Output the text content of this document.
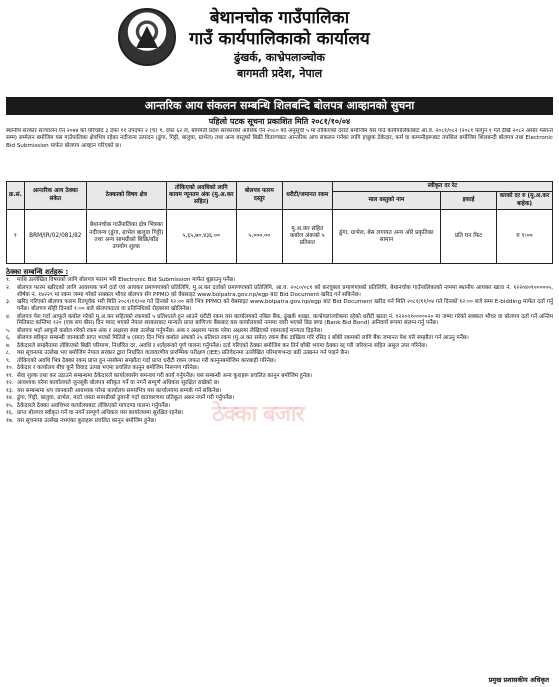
बेथानचोक गाउँपालिका
गाउँ कार्यपालिकाको कार्यालय
ढुंखर्क, काभ्रेपलाञ्चोक
बागमती प्रदेश, नेपाल
आन्तरिक आय संकलन सम्बन्धि शिलबन्दि बोलपत्र आव्हानको सुचना
पहिलो पटक सूचना प्रकाशित मिति २०८१/१०/०४
स्थानीय सरकार सञ्चालन ऐन २०७४ को परिच्छेद ३ दफा ११ उपदफा २ (च) १, दफा ६२ ल, बागमती प्रदेश सरकारको आर्थिक ऐन २०८० को अनुसूची ५ मा तोकिएको दररेट बमोजिम यस गाउँ कार्यपालिकाबाट आ.व. २०८१/०८२ (२०८१ फागुन १ गते देखि २०८२ असार मसान्त सम्म) सम्मेलन बमोजिम यस गाउँपालिका क्षेत्रभित्र रहेका नदीजन्य उत्पादन (ढुंगा, गिट्टी, बालुवा, ग्राभेल) तथा अन्य वस्तुको बिक्री वितरणबाट आन्तरिक आय संकलन गर्नका लागि इच्छुक ठेकेदार, फर्म वा कम्पनीहरूबाट तपसिल बमोजिम शिलबन्दी बोलपत्र तथा Electronic Bid Submission मार्फत बोलपत्र आव्हान गरिएको छ।
क्र.सं.	आन्तरिक आय ठेक्का संकेत	ठेक्काको विषय क्षेत्र	तोकिएको अवधिको लागि कायम न्यूनतम अंक (मु.अ.कर सहित)	बोलपत्र फारम दस्तुर	धरौटी/जमानत रकम	स्वीकृत दर रेट		
						माल वस्तुको नाम	इकाई	करको दर रु (मु.अ.कर बाहेक)
१	BRM/IR/02/081/82	बेथानचोक गाउँपालिका क्षेत्र भित्रका नदीजन्य (ढुंगा, ग्राभेल बालुवा गिट्टी) तथा अन्य सामग्रीको बिक्रि/बाँड उपयोग शुल्क	५,६५,७०,४३६.००	५,०००.००	मु.अ.कर सहित कबोल अंकको ५ प्रतिशत	ढुंगा, ग्राभेल, बेस लगायत अन्य ओरे प्रकृतिका सामान	प्रति घन फिट	रु ९।००
ठेक्का सम्बन्धि शर्तहरू :
१.	माथि उल्लेखित विषयको लागि बोलपत्र फारम भरि Electronic Bid Submission मार्फत बुझाउनु पर्नेछ।
२.	बोलपत्र फारम खरिदको लागि आवश्यक फर्म दर्ता एवं आयकर प्रमाणपत्रको प्रतिलिपि, मु.अ.कर दर्ताको प्रमाणपत्रको प्रतिलिपि, आ.व. २०८०/०८१ को करचुक्ता प्रमाणपत्रको प्रतिलिपि, बेथानचोक गाउँपालिकाको नाममा स्थानीय आयकर खाता नं. १२२०४०१०००००५, शीर्षक नं. १४२२९ मा रकम जम्मा गरेको सक्कल भौचर बोलपत्र सँग PPMO को वेबसाइट www.bolpatra.gov.np/egp बाट Bid Document खरिद गर्न सकिनेछ।
३.	खरिद गरिएको बोलपत्र फारम रितपूर्वक भरी मिति २०८१/११/०४ गते दिनको १२:०० बजे भित्र PPMO को वेबसाइट www.bolpatra.gov.np/egp बाट Bid Document खरिद गर्न मिति २०८१/११/०४ गते दिनको १२:०० बजे सम्म E-bidding मार्फत दर्ता गर्नु पर्नेछ। बोलपत्र सोही दिनको १:०० बजे बोलपत्रदाता वा प्रतिनिधिको रोहबरमा खोलिनेछ।
४.	बोलपत्र पेश गर्दा आफूले कबोल गरेको मु.अ.कर सहितको रकमको ५ प्रतिशतले हुन आउने धरौटी रकम यस कार्यालयको नबिल बैंक, ढुंखर्क शाखा, काभ्रेपलाञ्चोकमा रहेको धरौटी खाता नं. १२२०९१०००००२० मा जम्मा गरेको सक्कल भौचर वा बोलपत्र दर्ता गर्ने अन्तिम मितिबाट कम्तिमा १२० (एक सय बीस) दिन म्याद भएको नेपाल सरकारबाट मान्यता प्राप्त बाणिज्य बैंकबाट यस कार्यालयको नाममा जारी भएको बिड बण्ड (Bank Bid Bond) अनिवार्य रूपमा संलग्न गर्नु पर्नेछ।
५.	बोलपत्र भर्दा आफूले कबोल गरेको रकम अंक र अक्षरमा स्पष्ट उल्लेख गर्नुपर्नेछ। अंक र अक्षरमा फरक परेमा अक्षरमा लेखिएको रकमलाई मान्यता दिइनेछ।
६.	बोलपत्र स्वीकृत सम्बन्धी जानकारी प्राप्त भएको मितिले ७ (सात) दिन भित्र कबोल अंकको २५ प्रतिशत रकम (मु.अ.कर समेत) रकम बैंक दाखिला गरि रसिद र बाँकी रकमको लागि बैंक जमानत पेश गरी सम्झौता गर्न आउनु पर्नेछ।
७.	ठेकेदारले सम्झौतामा तोकिएको बिक्री परिमाण, निर्धारित दर, अवधि र शर्तहरूको पूर्ण पालना गर्नुपर्नेछ। दर्ता गरिएको ठेक्का बमोजिम कर तिर्न बाँकी भएमा ठेक्का रद्द गरी जरिवाना सहित असुल उपर गरिनेछ।
८.	यस सूचनामा उल्लेख भए बमोजिम नेपाल सरकार द्वारा निर्धारित वातावरणीय प्रारम्भिक परीक्षण (IEE) प्रतिवेदनमा उल्लेखित परिमाणभन्दा बढी उत्खनन गर्न पाइने छैन।
९.	तोकिएको अवधि भित्र ठेक्का रकम प्राप्त हुन नसकेमा सम्झौता गर्दा प्राप्त धरौटी रकम जफत गरी कानूनबमोजिम कारबाही गरिनेछ।
१०. ठेकेदार र कार्यालय बीच कुनै विवाद उत्पन्न भएमा प्रचलित कानून बमोजिम निरूपण गरिनेछ।
११. सेवा शुल्क तथा कर उठाउने सम्बन्धमा ठेकेदारले कार्यालयसँग समन्वय गरी कार्य गर्नुपर्नेछ। यस सम्बन्धी अन्य कुराहरू प्रचलित कानून बमोजिम हुनेछ।
१२. आवश्यक परेमा कार्यालयले जुनसुकै बोलपत्र स्वीकृत गर्ने वा नगर्ने सम्पूर्ण अधिकार सुरक्षित राखेको छ।
१३. यस सम्बन्धमा थप जानकारी आवश्यक परेमा कार्यालय समयभित्र यस कार्यालयमा सम्पर्क गर्न सकिनेछ।
१४. ढुंगा, गिट्टी, बालुवा, ग्राभेल, माटो जस्ता सामग्रीको ढुवानी गर्दा वातावरणमा प्रतिकूल असर नपर्ने गरी गर्नुपर्नेछ।
१५. ठेकेदारले ठेक्का अवधिभर कार्यालयबाट तोकिएको मापदण्ड पालना गर्नुपर्नेछ।
१६. प्राप्त बोलपत्र स्वीकृत गर्ने वा नगर्ने सम्पूर्ण अधिकार यस कार्यालयमा सुरक्षित रहनेछ।
१७. यस सूचनामा उल्लेख नभएका कुराहरू प्रचलित कानून बमोजिम हुनेछ।	ठेक्का बजार
प्रमुख प्रशासकीय अधिकृत
